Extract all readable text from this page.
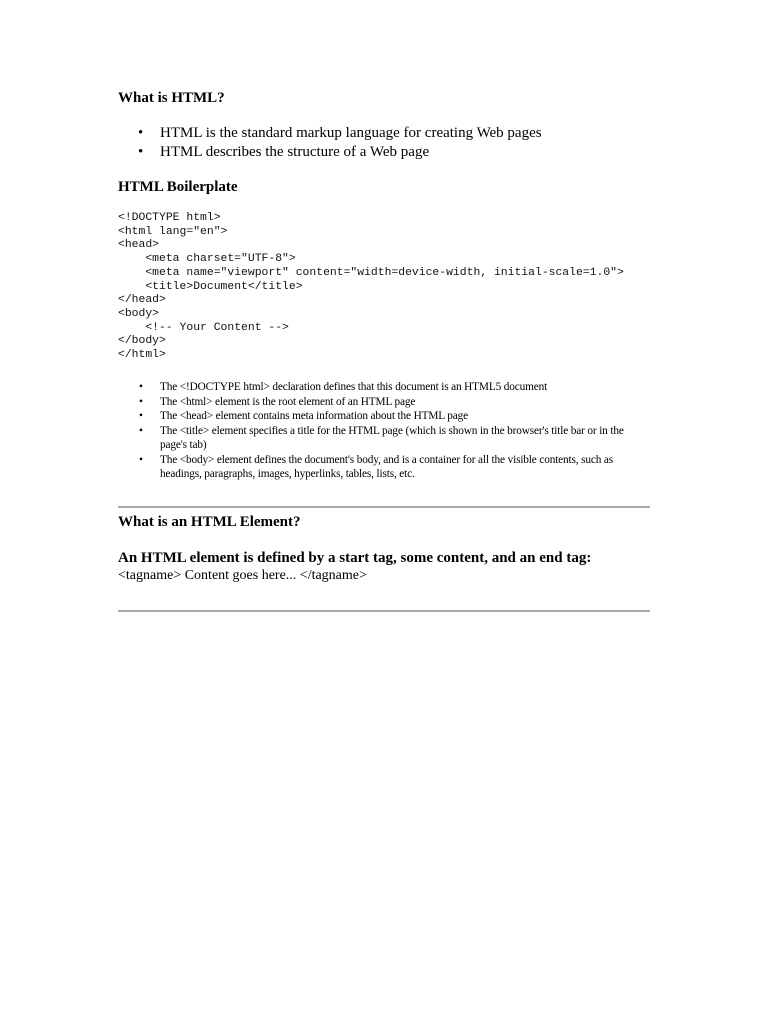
What is HTML?
• HTML is the standard markup language for creating Web pages
• HTML describes the structure of a Web page
HTML Boilerplate
<!DOCTYPE html>
<html lang="en">
<head>
<meta charset="UTF-8">
<meta name="viewport" content="width=device-width, initial-scale=1.0">
<title>Document</title>
</head>
<body>
<!-- Your Content -->
</body>
</html>
• The <!DOCTYPE html> declaration defines that this document is an HTML5 document
• The <html> element is the root element of an HTML page
• The <head> element contains meta information about the HTML page
• The <title> element specifies a title for the HTML page (which is shown in the browser's title bar or in the page's tab)
• The <body> element defines the document's body, and is a container for all the visible contents, such as headings, paragraphs, images, hyperlinks, tables, lists, etc.
What is an HTML Element?

An HTML element is defined by a start tag, some content, and an end tag:

<tagname> Content goes here... </tagname>
